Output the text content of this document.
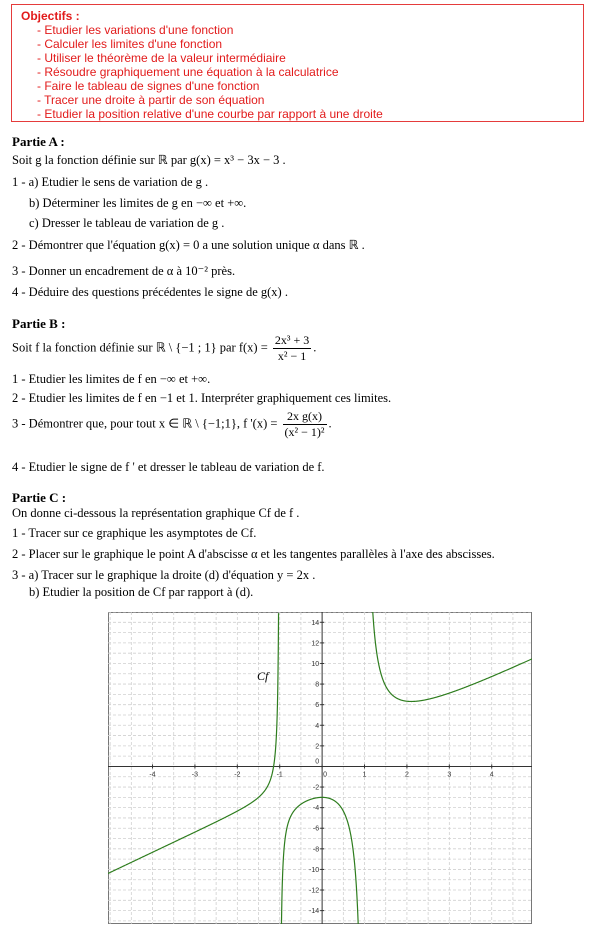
Objectifs :
- Etudier les variations d'une fonction
- Calculer les limites d'une fonction
- Utiliser le théorème de la valeur intermédiaire
- Résoudre graphiquement une équation à la calculatrice
- Faire le tableau de signes d'une fonction
- Tracer une droite à partir de son équation
- Etudier la position relative d'une courbe par rapport à une droite
Partie A :
Soit g la fonction définie sur ℝ par g(x) = x³ − 3x − 3 .
1 - a) Etudier le sens de variation de g .
b) Déterminer les limites de g en −∞ et +∞.
c) Dresser le tableau de variation de g .
2 - Démontrer que l'équation g(x) = 0 a une solution unique α dans ℝ .
3 - Donner un encadrement de α à 10⁻² près.
4 - Déduire des questions précédentes le signe de g(x) .
Partie B :
Soit f la fonction définie sur ℝ \ {−1 ; 1} par $f(x) = \frac{\text{2x³ + 3}}{\text{x² − 1}}$ .
1 - Etudier les limites de f en −∞ et +∞.
2 - Etudier les limites de f en −1 et 1. Interpréter graphiquement ces limites.
3 - Démontrer que, pour tout x ∈ ℝ \ {−1;1}, f '$(x) = \frac{\text{2x g(x)}}{\text{(x² − 1)²}}$ .
4 - Etudier le signe de f ' et dresser le tableau de variation de f.
Partie C :
On donne ci-dessous la représentation graphique Cf de f .
1 - Tracer sur ce graphique les asymptotes de Cf.
2 - Placer sur le graphique le point A d'abscisse α et les tangentes parallèles à l'axe des abscisses.
3 - a) Tracer sur le graphique la droite (d) d'équation y = 2x .
b) Etudier la position de Cf par rapport à (d).
-4	-3	-2	-1	0	1	2	3	4
-14
-12
-10
-8
-6
-4
-2
2
4
6
8
10
12
14
0
Cf
